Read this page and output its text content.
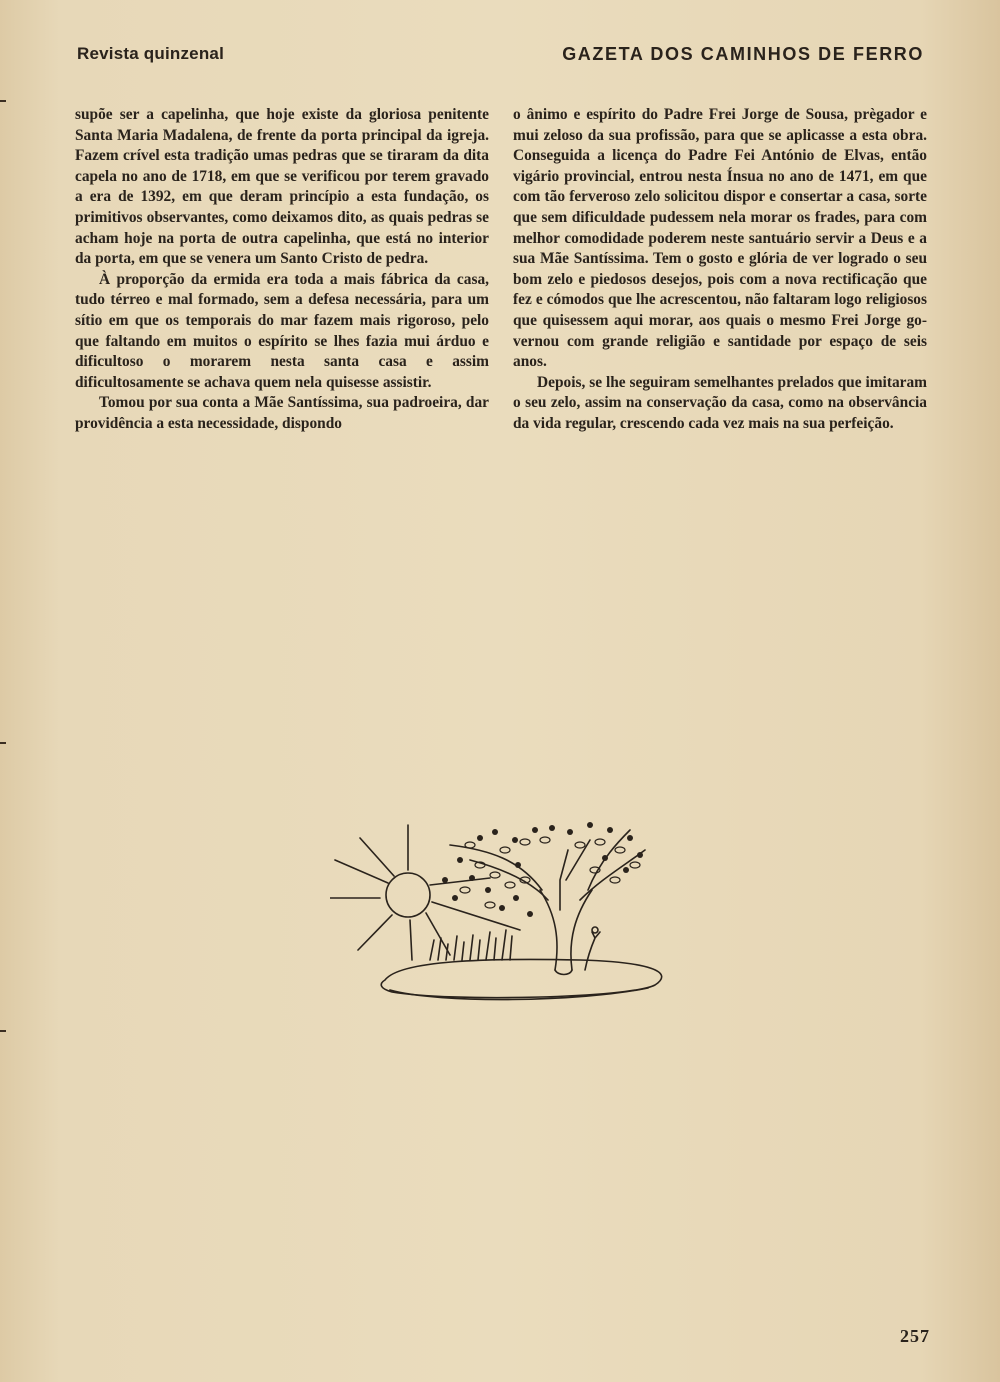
Revista quinzenal	GAZETA DOS CAMINHOS DE FERRO

supõe ser a capelinha, que hoje existe da gloriosa penitente Santa Maria Madalena, de frente da porta principal da igreja. Fazem crível esta tradição umas pedras que se tiraram da dita capela no ano de 1718, em que se verificou por terem gravado a era de 1392, em que deram princípio a esta fundação, os primitivos observantes, como deixamos dito, as quais pedras se acham hoje na porta de outra capelinha, que está no interior da porta, em que se venera um Santo Cristo de pedra.

À proporção da ermida era toda a mais fábrica da casa, tudo térreo e mal formado, sem a defesa necessária, para um sítio em que os temporais do mar fazem mais rigoroso, pelo que faltando em muitos o espírito se lhes fazia mui árduo e dificultoso o morarem nesta santa casa e assim dificultosamente se achava quem nela quisesse assistir.

Tomou por sua conta a Mãe Santíssima, sua padroeira, dar providência a esta necessidade, dispondo

o ânimo e espírito do Padre Frei Jorge de Sousa, prègador e mui zeloso da sua profissão, para que se aplicasse a esta obra. Conseguida a licença do Padre Fei António de Elvas, então vigário provincial, entrou nesta Ínsua no ano de 1471, em que com tão ferveroso zelo solicitou dispor e consertar a casa, sorte que sem dificuldade pudessem nela morar os frades, para com melhor comodidade poderem neste santuário servir a Deus e a sua Mãe Santíssima. Tem o gosto e glória de ver logrado o seu bom zelo e piedosos desejos, pois com a nova rectificação que fez e cómodos que lhe acrescentou, não faltaram logo religiosos que quisessem aqui morar, aos quais o mesmo Frei Jorge governou com grande religião e santidade por espaço de seis anos.

Depois, se lhe seguiram semelhantes prelados que imitaram o seu zelo, assim na conservação da casa, como na observância da vida regular, crescendo cada vez mais na sua perfeição.

257
